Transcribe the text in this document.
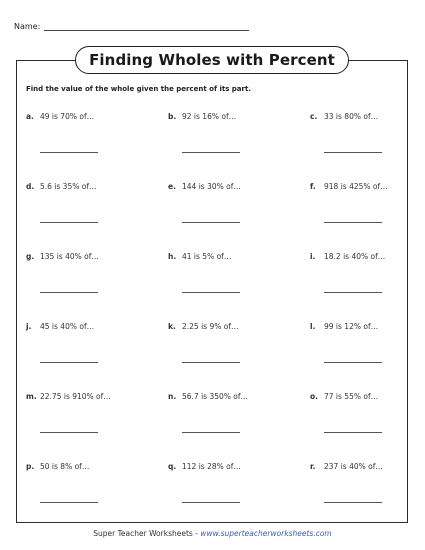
Name:
Finding Wholes with Percent
Find the value of the whole given the percent of its part.
a. 49 is 70% of…	b. 92 is 16% of…	c. 33 is 80% of…
d. 5.6 is 35% of…	e. 144 is 30% of…	f. 918 is 425% of…
g. 135 is 40% of…	h. 41 is 5% of…	i. 18.2 is 40% of…
j. 45 is 40% of…	k. 2.25 is 9% of…	l. 99 is 12% of…
m. 22.75 is 910% of…	n. 56.7 is 350% of…	o. 77 is 55% of…
p. 50 is 8% of…	q. 112 is 28% of…	r. 237 is 40% of…
Super Teacher Worksheets - www.superteacherworksheets.com
